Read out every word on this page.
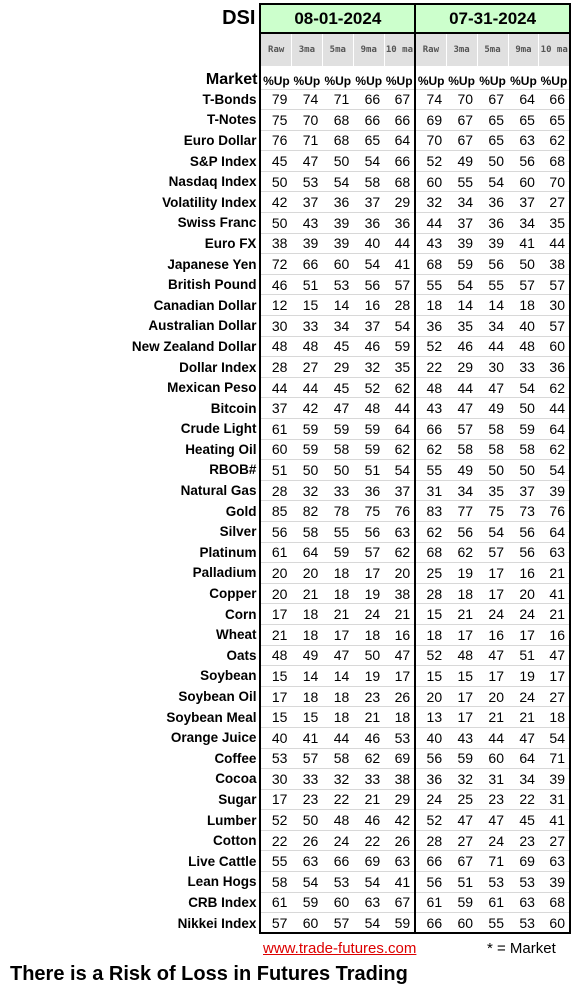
DSI	08-01-2024					07-31-2024				
	Raw	3ma	5ma	9ma	10 ma	Raw	3ma	5ma	9ma	10 ma
Market	%Up	%Up	%Up	%Up	%Up	%Up	%Up	%Up	%Up	%Up
T-Bonds	79	74	71	66	67	74	70	67	64	66
T-Notes	75	70	68	66	66	69	67	65	65	65
Euro Dollar	76	71	68	65	64	70	67	65	63	62
S&P Index	45	47	50	54	66	52	49	50	56	68
Nasdaq Index	50	53	54	58	68	60	55	54	60	70
Volatility Index	42	37	36	37	29	32	34	36	37	27
Swiss Franc	50	43	39	36	36	44	37	36	34	35
Euro FX	38	39	39	40	44	43	39	39	41	44
Japanese Yen	72	66	60	54	41	68	59	56	50	38
British Pound	46	51	53	56	57	55	54	55	57	57
Canadian Dollar	12	15	14	16	28	18	14	14	18	30
Australian Dollar	30	33	34	37	54	36	35	34	40	57
New Zealand Dollar	48	48	45	46	59	52	46	44	48	60
Dollar Index	28	27	29	32	35	22	29	30	33	36
Mexican Peso	44	44	45	52	62	48	44	47	54	62
Bitcoin	37	42	47	48	44	43	47	49	50	44
Crude Light	61	59	59	59	64	66	57	58	59	64
Heating Oil	60	59	58	59	62	62	58	58	58	62
RBOB#	51	50	50	51	54	55	49	50	50	54
Natural Gas	28	32	33	36	37	31	34	35	37	39
Gold	85	82	78	75	76	83	77	75	73	76
Silver	56	58	55	56	63	62	56	54	56	64
Platinum	61	64	59	57	62	68	62	57	56	63
Palladium	20	20	18	17	20	25	19	17	16	21
Copper	20	21	18	19	38	28	18	17	20	41
Corn	17	18	21	24	21	15	21	24	24	21
Wheat	21	18	17	18	16	18	17	16	17	16
Oats	48	49	47	50	47	52	48	47	51	47
Soybean	15	14	14	19	17	15	15	17	19	17
Soybean Oil	17	18	18	23	26	20	17	20	24	27
Soybean Meal	15	15	18	21	18	13	17	21	21	18
Orange Juice	40	41	44	46	53	40	43	44	47	54
Coffee	53	57	58	62	69	56	59	60	64	71
Cocoa	30	33	32	33	38	36	32	31	34	39
Sugar	17	23	22	21	29	24	25	23	22	31
Lumber	52	50	48	46	42	52	47	47	45	41
Cotton	22	26	24	22	26	28	27	24	23	27
Live Cattle	55	63	66	69	63	66	67	71	69	63
Lean Hogs	58	54	53	54	41	56	51	53	53	39
CRB Index	61	59	60	63	67	61	59	61	63	68
Nikkei Index	57	60	57	54	59	66	60	55	53	60
www.trade-futures.com	* = Market
There is a Risk of Loss in Futures Trading
